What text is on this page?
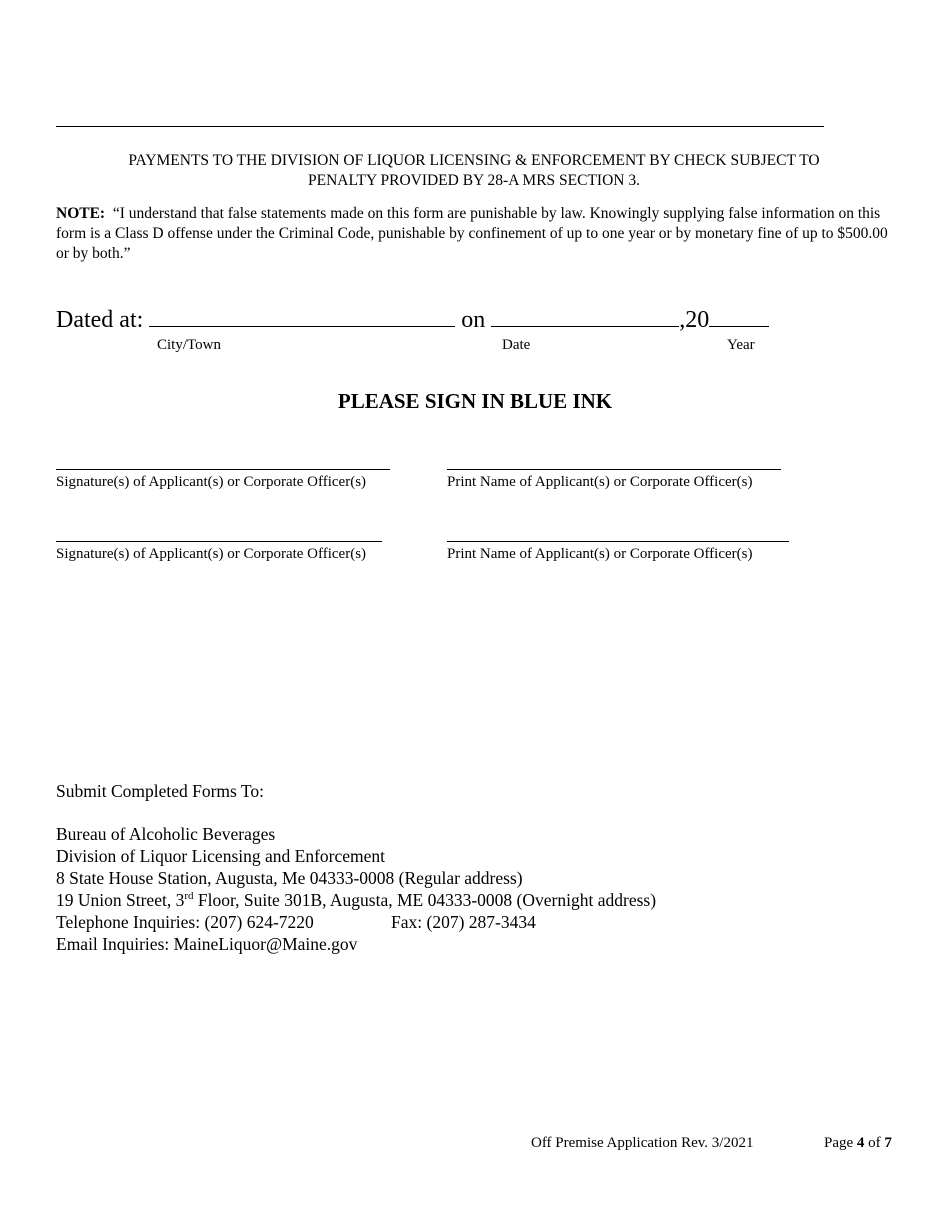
PAYMENTS TO THE DIVISION OF LIQUOR LICENSING & ENFORCEMENT BY CHECK SUBJECT TO
PENALTY PROVIDED BY 28-A MRS SECTION 3.
NOTE: “I understand that false statements made on this form are punishable by law. Knowingly supplying false information on this form is a Class D offense under the Criminal Code, punishable by confinement of up to one year or by monetary fine of up to $500.00 or by both.”
Dated at:	on	,20
City/Town	Date	Year
PLEASE SIGN IN BLUE INK
Signature(s) of Applicant(s) or Corporate Officer(s)	Print Name of Applicant(s) or Corporate Officer(s)
Signature(s) of Applicant(s) or Corporate Officer(s)	Print Name of Applicant(s) or Corporate Officer(s)
Submit Completed Forms To:
Bureau of Alcoholic Beverages
Division of Liquor Licensing and Enforcement
8 State House Station, Augusta, Me 04333-0008 (Regular address)
19 Union Street, 3rd Floor, Suite 301B, Augusta, ME 04333-0008 (Overnight address)
Telephone Inquiries: (207) 624-7220	Fax: (207) 287-3434
Email Inquiries: MaineLiquor@Maine.gov
Off Premise Application Rev. 3/2021	Page 4 of 7
